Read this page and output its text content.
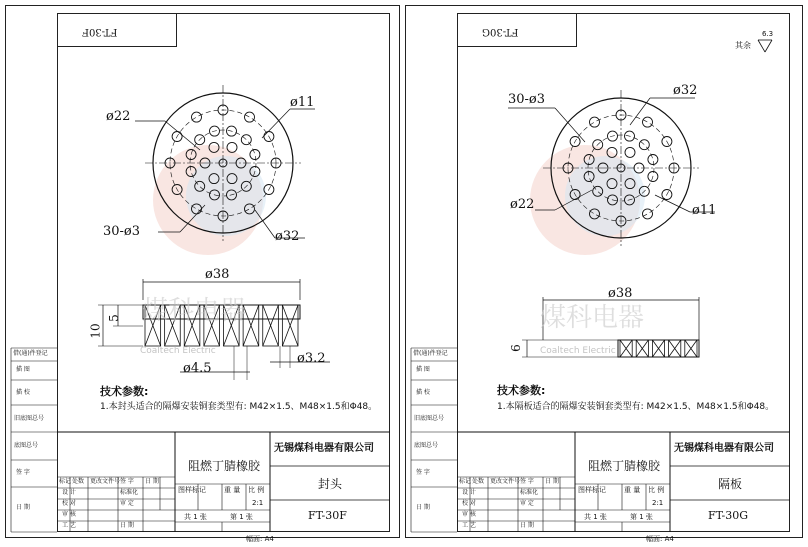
FT-30F
ø22
ø11
30-ø3	ø32
ø38
10
5
ø4.5
ø3.2
煤科电器
Coaltech Electric
技术参数:
1.本封头适合的隔爆安装铜套类型有: M42×1.5、M48×1.5和Φ48。
阻燃丁腈橡胶
无锡煤科电器有限公司
封头
FT-30F
图样标记	重 量 比 例
2:1
共 1 张	第 1 张
幅面: A4
标记 处数 更改文件号 签 字 日 期
设 计
校 对
审 核
工 艺
标准化
审 定
日 期
借(通)件登记
描 图
描 校
旧底图总号
底图总号
签 字
日 期
FT-30G
30-ø3
ø32
ø22	ø11
ø38
6
其余
6.3
煤科电器
Coaltech Electric
技术参数:
1.本隔板适合的隔爆安装铜套类型有: M42×1.5、M48×1.5和Φ48。
阻燃丁腈橡胶
无锡煤科电器有限公司
隔板
FT-30G
图样标记	重 量 比 例
2:1
共 1 张	第 1 张
幅面: A4
标记 处数 更改文件号 签 字 日 期
设 计
校 对
审 核
工 艺
标准化
审 定
日 期
借(通)件登记
描 图
描 校
旧底图总号
底图总号
签 字
日 期
